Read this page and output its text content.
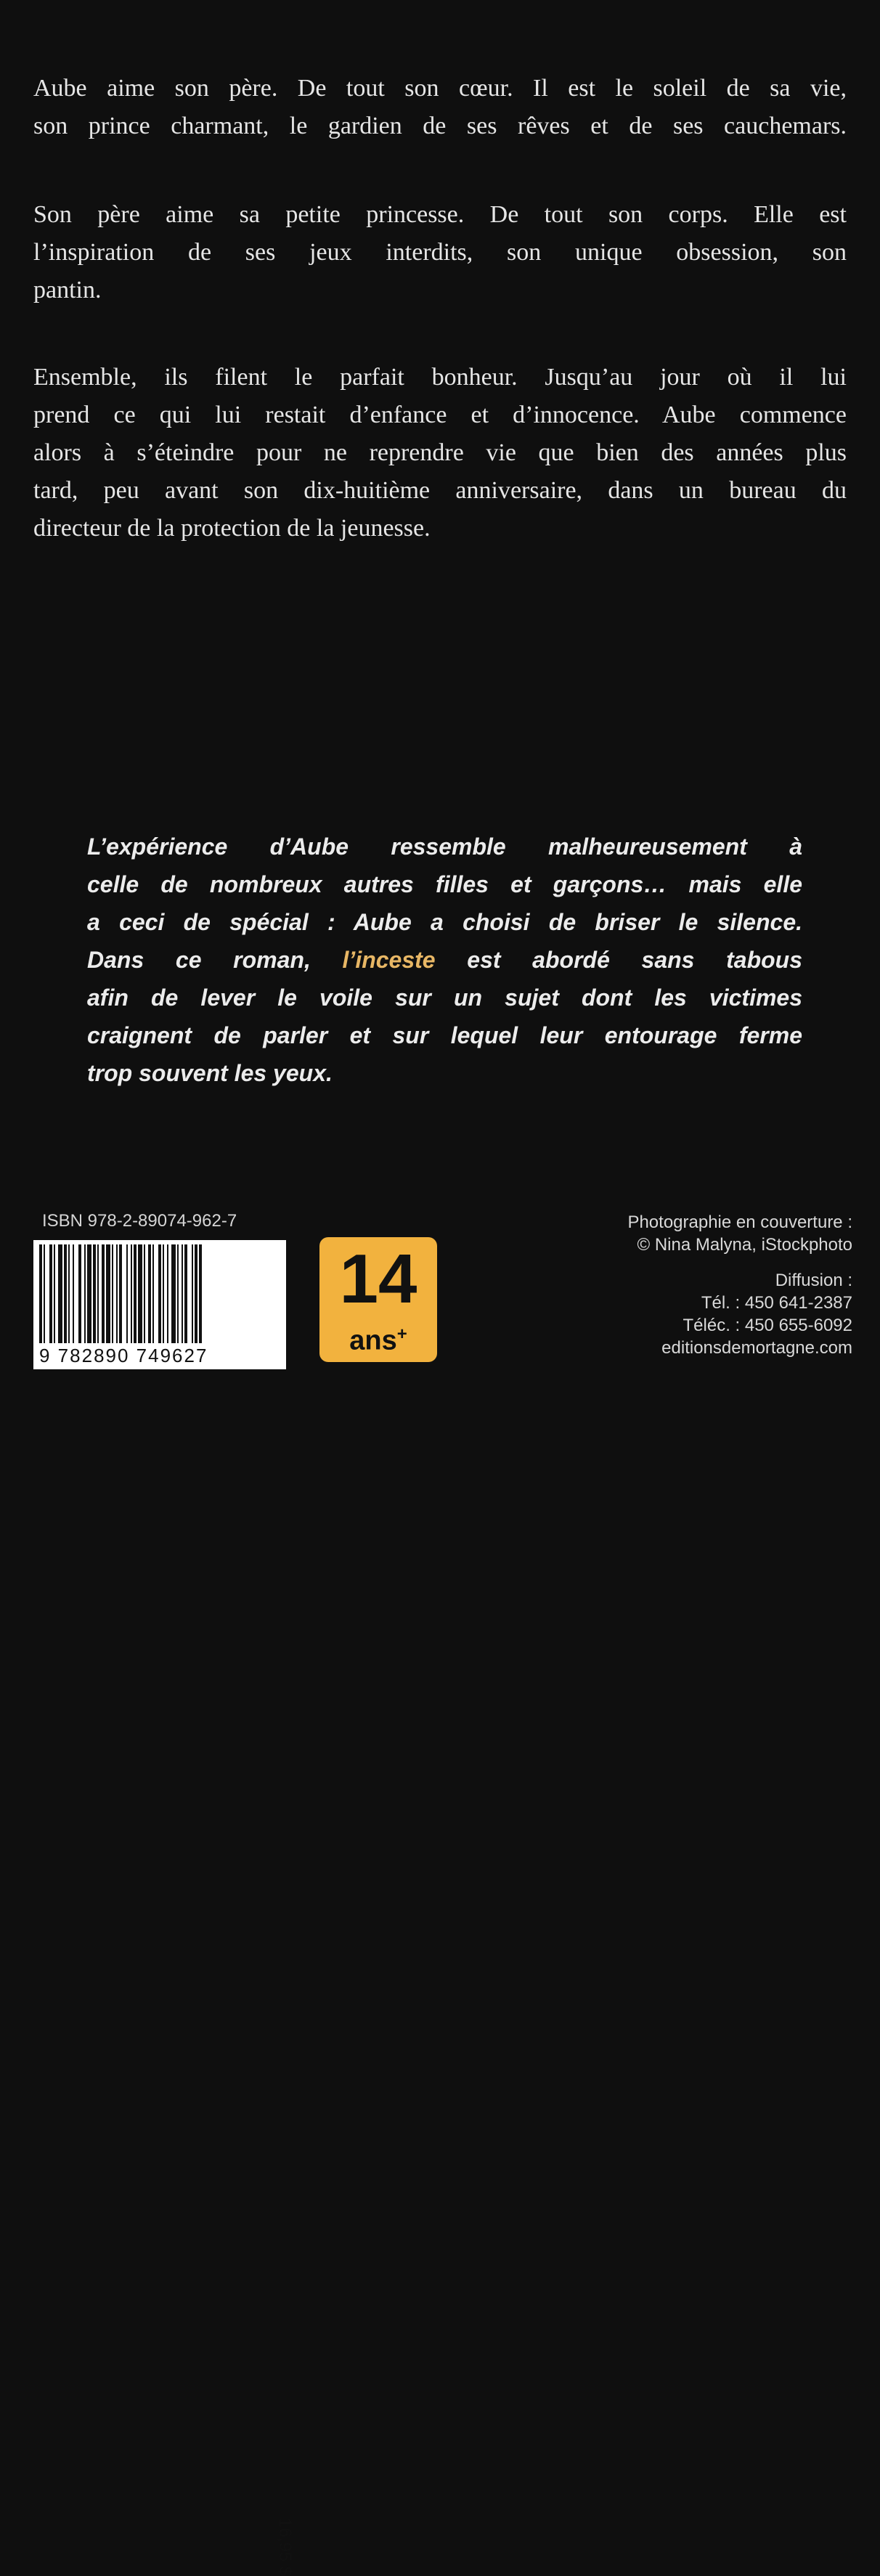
Aube aime son père. De tout son cœur. Il est le soleil de sa vie,
son prince charmant, le gardien de ses rêves et de ses cauchemars.
Son père aime sa petite princesse. De tout son corps. Elle est
l’inspiration de ses jeux interdits, son unique obsession, son
pantin.
Ensemble, ils filent le parfait bonheur. Jusqu’au jour où il lui
prend ce qui lui restait d’enfance et d’innocence. Aube commence
alors à s’éteindre pour ne reprendre vie que bien des années plus
tard, peu avant son dix-huitième anniversaire, dans un bureau du
directeur de la protection de la jeunesse.
L’expérience d’Aube ressemble malheureusement à
celle de nombreux autres filles et garçons… mais elle
a ceci de spécial : Aube a choisi de briser le silence.
Dans ce roman, l’inceste est abordé sans tabous
afin de lever le voile sur un sujet dont les victimes
craignent de parler et sur lequel leur entourage ferme
trop souvent les yeux.
ISBN 978-2-89074-962-7
9 782890 749627
16,95 $
14
ans+
Photographie en couverture :
© Nina Malyna, iStockphoto
Diffusion :
Tél. : 450 641-2387
Téléc. : 450 655-6092
editionsdemortagne.com
